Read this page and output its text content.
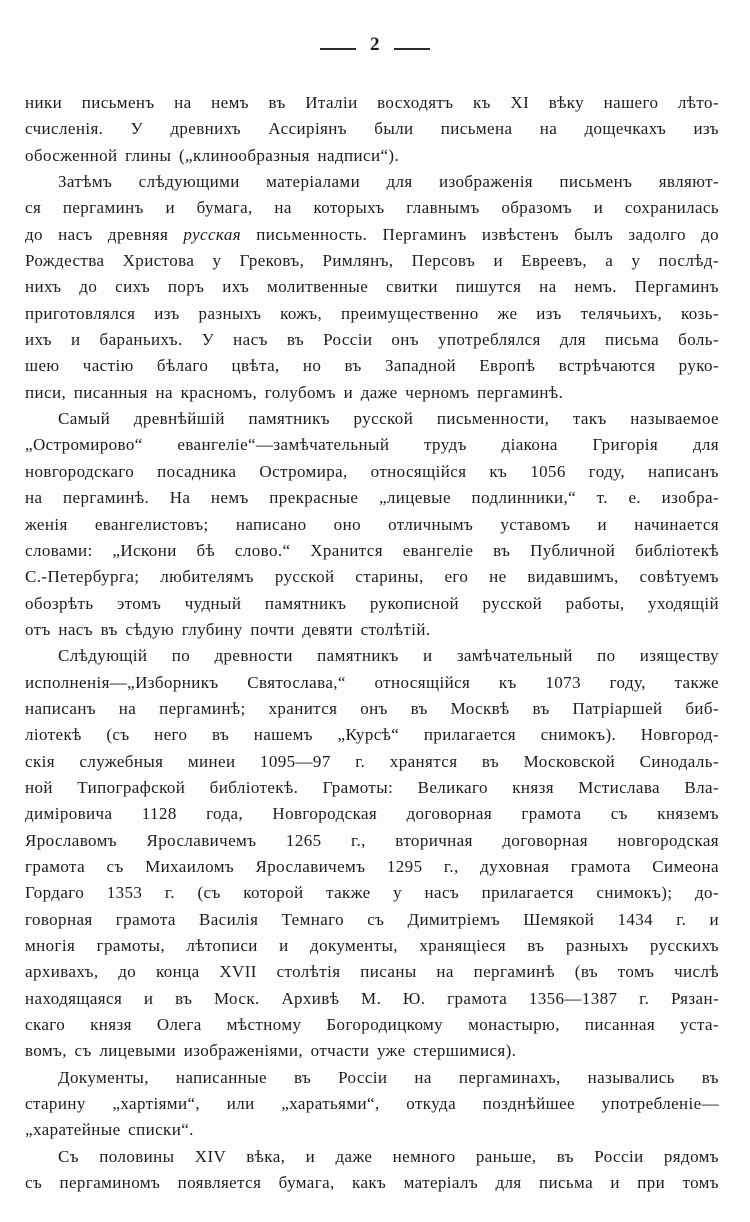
2
ники письменъ на немъ въ Италіи восходятъ къ XI вѣку нашего лѣто-
счисленія. У древнихъ Ассиріянъ были письмена на дощечкахъ изъ
обосженной глины („клинообразныя надписи“).
Затѣмъ слѣдующими матеріалами для изображенія письменъ являют-
ся пергаминъ и бумага, на которыхъ главнымъ образомъ и сохранилась
до насъ древняя русская письменность. Пергаминъ извѣстенъ былъ задолго до
Рождества Христова у Грековъ, Римлянъ, Персовъ и Евреевъ, а у послѣд-
нихъ до сихъ поръ ихъ молитвенные свитки пишутся на немъ. Пергаминъ
приготовлялся изъ разныхъ кожъ, преимущественно же изъ телячьихъ, козь-
ихъ и бараньихъ. У насъ въ Россіи онъ употреблялся для письма боль-
шею частію бѣлаго цвѣта, но въ Западной Европѣ встрѣчаются руко-
писи, писанныя на красномъ, голубомъ и даже черномъ пергаминѣ.
Самый древнѣйшій памятникъ русской письменности, такъ называемое
„Остромирово“ евангеліе“—замѣчательный трудъ діакона Григорія для
новгородскаго посадника Остромира, относящійся къ 1056 году, написанъ
на пергаминѣ. На немъ прекрасные „лицевые подлинники,“ т. е. изобра-
женія евангелистовъ; написано оно отличнымъ уставомъ и начинается
словами: „Искони бѣ слово.“ Хранится евангеліе въ Публичной библіотекѣ
С.-Петербурга; любителямъ русской старины, его не видавшимъ, совѣтуемъ
обозрѣть этомъ чудный памятникъ рукописной русской работы, уходящій
отъ насъ въ сѣдую глубину почти девяти столѣтій.
Слѣдующій по древности памятникъ и замѣчательный по изяществу
исполненія—„Изборникъ Святослава,“ относящійся къ 1073 году, также
написанъ на пергаминѣ; хранится онъ въ Москвѣ въ Патріаршей биб-
ліотекѣ (съ него въ нашемъ „Курсѣ“ прилагается снимокъ). Новгород-
скія служебныя минеи 1095—97 г. хранятся въ Московской Синодаль-
ной Типографской библіотекѣ. Грамоты: Великаго князя Мстислава Вла-
диміровича 1128 года, Новгородская договорная грамота съ княземъ
Ярославомъ Ярославичемъ 1265 г., вторичная договорная новгородская
грамота съ Михаиломъ Ярославичемъ 1295 г., духовная грамота Симеона
Гордаго 1353 г. (съ которой также у насъ прилагается снимокъ); до-
говорная грамота Василія Темнаго съ Димитріемъ Шемякой 1434 г. и
многія грамоты, лѣтописи и документы, хранящіеся въ разныхъ русскихъ
архивахъ, до конца XVII столѣтія писаны на пергаминѣ (въ томъ числѣ
находящаяся и въ Моск. Архивѣ М. Ю. грамота 1356—1387 г. Рязан-
скаго князя Олега мѣстному Богородицкому монастырю, писанная уста-
вомъ, съ лицевыми изображеніями, отчасти уже стершимися).
Документы, написанные въ Россіи на пергаминахъ, назывались въ
старину „хартіями“, или „харатьями“, откуда позднѣйшее употребленіе—
„харатейные списки“.
Съ половины XIV вѣка, и даже немного раньше, въ Россіи рядомъ
съ пергаминомъ появляется бумага, какъ матеріалъ для письма и при томъ
